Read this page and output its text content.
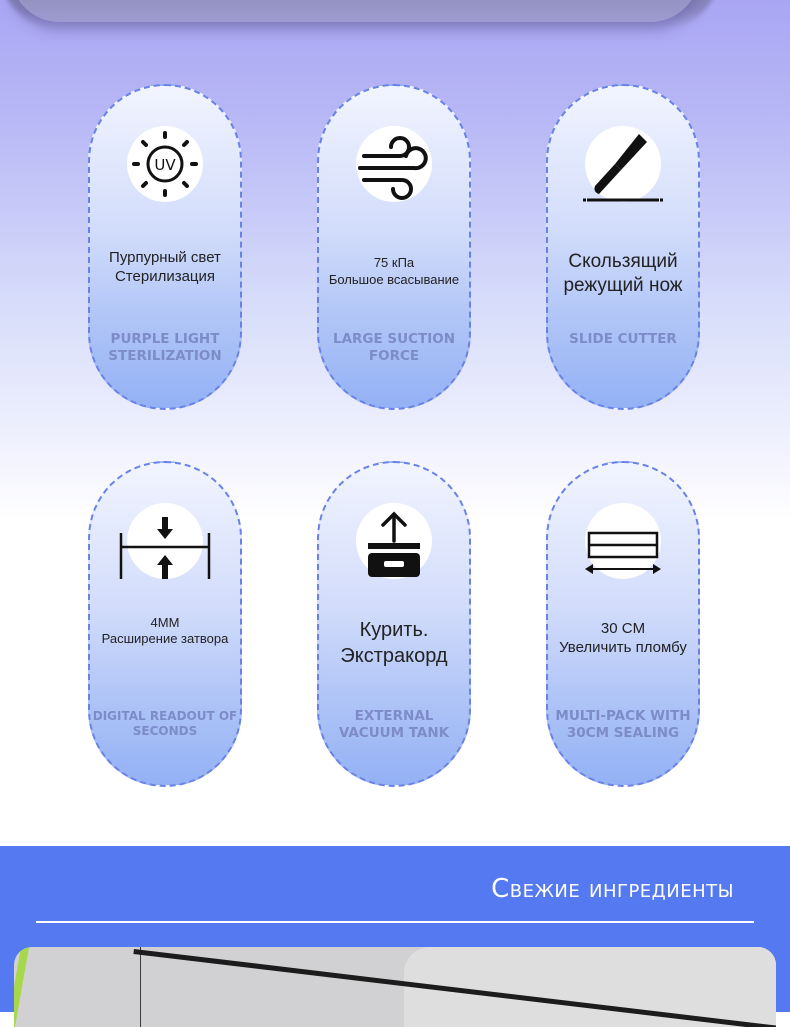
UV
Пурпурный свет
Стерилизация
PURPLE LIGHT
STERILIZATION
75 кПа
Большое всасывание
LARGE SUCTION
FORCE
Скользящий
режущий нож
SLIDE CUTTER
4MM
Расширение затвора
DIGITAL READOUT OF
SECONDS
Курить.
Экстракорд
EXTERNAL
VACUUM TANK
30 CM
Увеличить пломбу
MULTI-PACK WITH
30CM SEALING
Свежие ингредиенты
